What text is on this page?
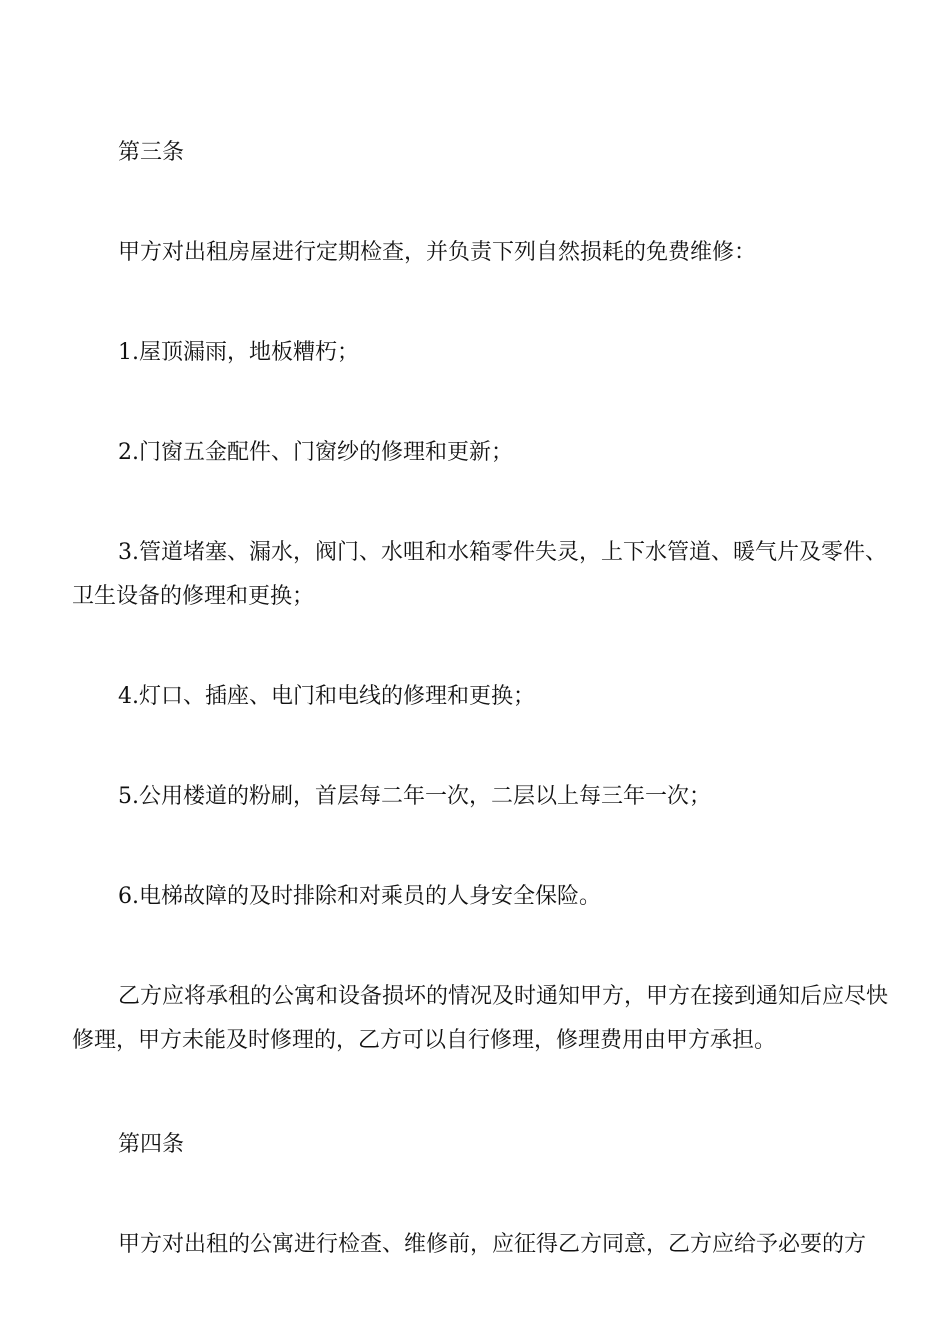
第三条

甲方对出租房屋进行定期检查，并负责下列自然损耗的免费维修：

1.屋顶漏雨，地板糟朽；

2.门窗五金配件、门窗纱的修理和更新；

3.管道堵塞、漏水，阀门、水咀和水箱零件失灵，上下水管道、暖气片及零件、卫生设备的修理和更换；

4.灯口、插座、电门和电线的修理和更换；

5.公用楼道的粉刷，首层每二年一次，二层以上每三年一次；

6.电梯故障的及时排除和对乘员的人身安全保险。

乙方应将承租的公寓和设备损坏的情况及时通知甲方，甲方在接到通知后应尽快修理，甲方未能及时修理的，乙方可以自行修理，修理费用由甲方承担。

第四条

甲方对出租的公寓进行检查、维修前，应征得乙方同意，乙方应给予必要的方
